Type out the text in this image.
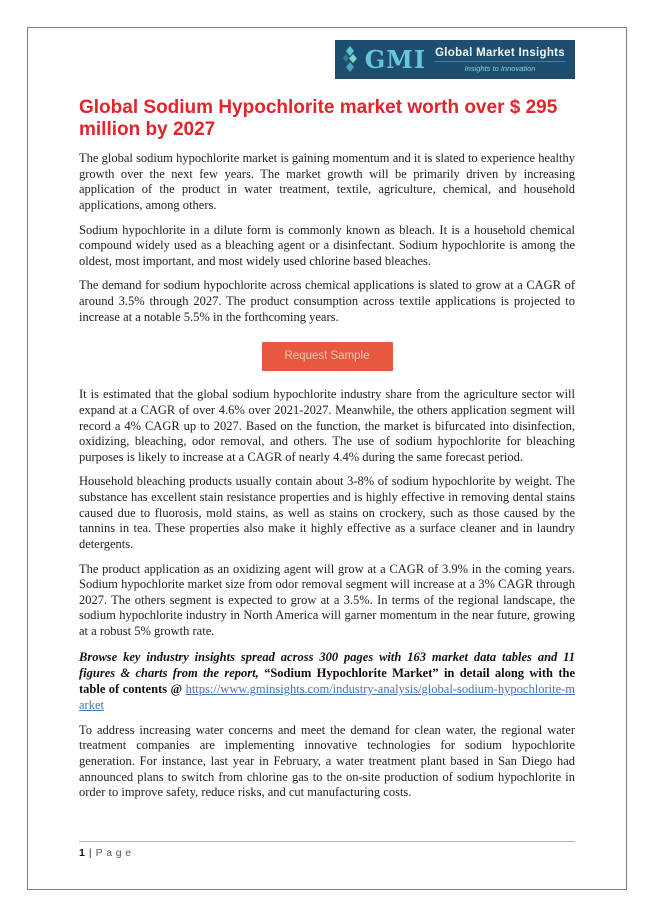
GMI Global Market Insights
Insights to Innovation
Global Sodium Hypochlorite market worth over $ 295 million by 2027

The global sodium hypochlorite market is gaining momentum and it is slated to experience healthy growth over the next few years. The market growth will be primarily driven by increasing application of the product in water treatment, textile, agriculture, chemical, and household applications, among others.

Sodium hypochlorite in a dilute form is commonly known as bleach. It is a household chemical compound widely used as a bleaching agent or a disinfectant. Sodium hypochlorite is among the oldest, most important, and most widely used chlorine based bleaches.

The demand for sodium hypochlorite across chemical applications is slated to grow at a CAGR of around 3.5% through 2027. The product consumption across textile applications is projected to increase at a notable 5.5% in the forthcoming years.

Request Sample

It is estimated that the global sodium hypochlorite industry share from the agriculture sector will expand at a CAGR of over 4.6% over 2021-2027. Meanwhile, the others application segment will record a 4% CAGR up to 2027. Based on the function, the market is bifurcated into disinfection, oxidizing, bleaching, odor removal, and others. The use of sodium hypochlorite for bleaching purposes is likely to increase at a CAGR of nearly 4.4% during the same forecast period.

Household bleaching products usually contain about 3-8% of sodium hypochlorite by weight. The substance has excellent stain resistance properties and is highly effective in removing dental stains caused due to fluorosis, mold stains, as well as stains on crockery, such as those caused by the tannins in tea. These properties also make it highly effective as a surface cleaner and in laundry detergents.

The product application as an oxidizing agent will grow at a CAGR of 3.9% in the coming years. Sodium hypochlorite market size from odor removal segment will increase at a 3% CAGR through 2027. The others segment is expected to grow at a 3.5%. In terms of the regional landscape, the sodium hypochlorite industry in North America will garner momentum in the near future, growing at a robust 5% growth rate.

Browse key industry insights spread across 300 pages with 163 market data tables and 11 figures & charts from the report, “Sodium Hypochlorite Market” in detail along with the table of contents @ https://www.gminsights.com/industry-analysis/global-sodium-hypochlorite-market

To address increasing water concerns and meet the demand for clean water, the regional water treatment companies are implementing innovative technologies for sodium hypochlorite generation. For instance, last year in February, a water treatment plant based in San Diego had announced plans to switch from chlorine gas to the on-site production of sodium hypochlorite in order to improve safety, reduce risks, and cut manufacturing costs.

1 | Page
